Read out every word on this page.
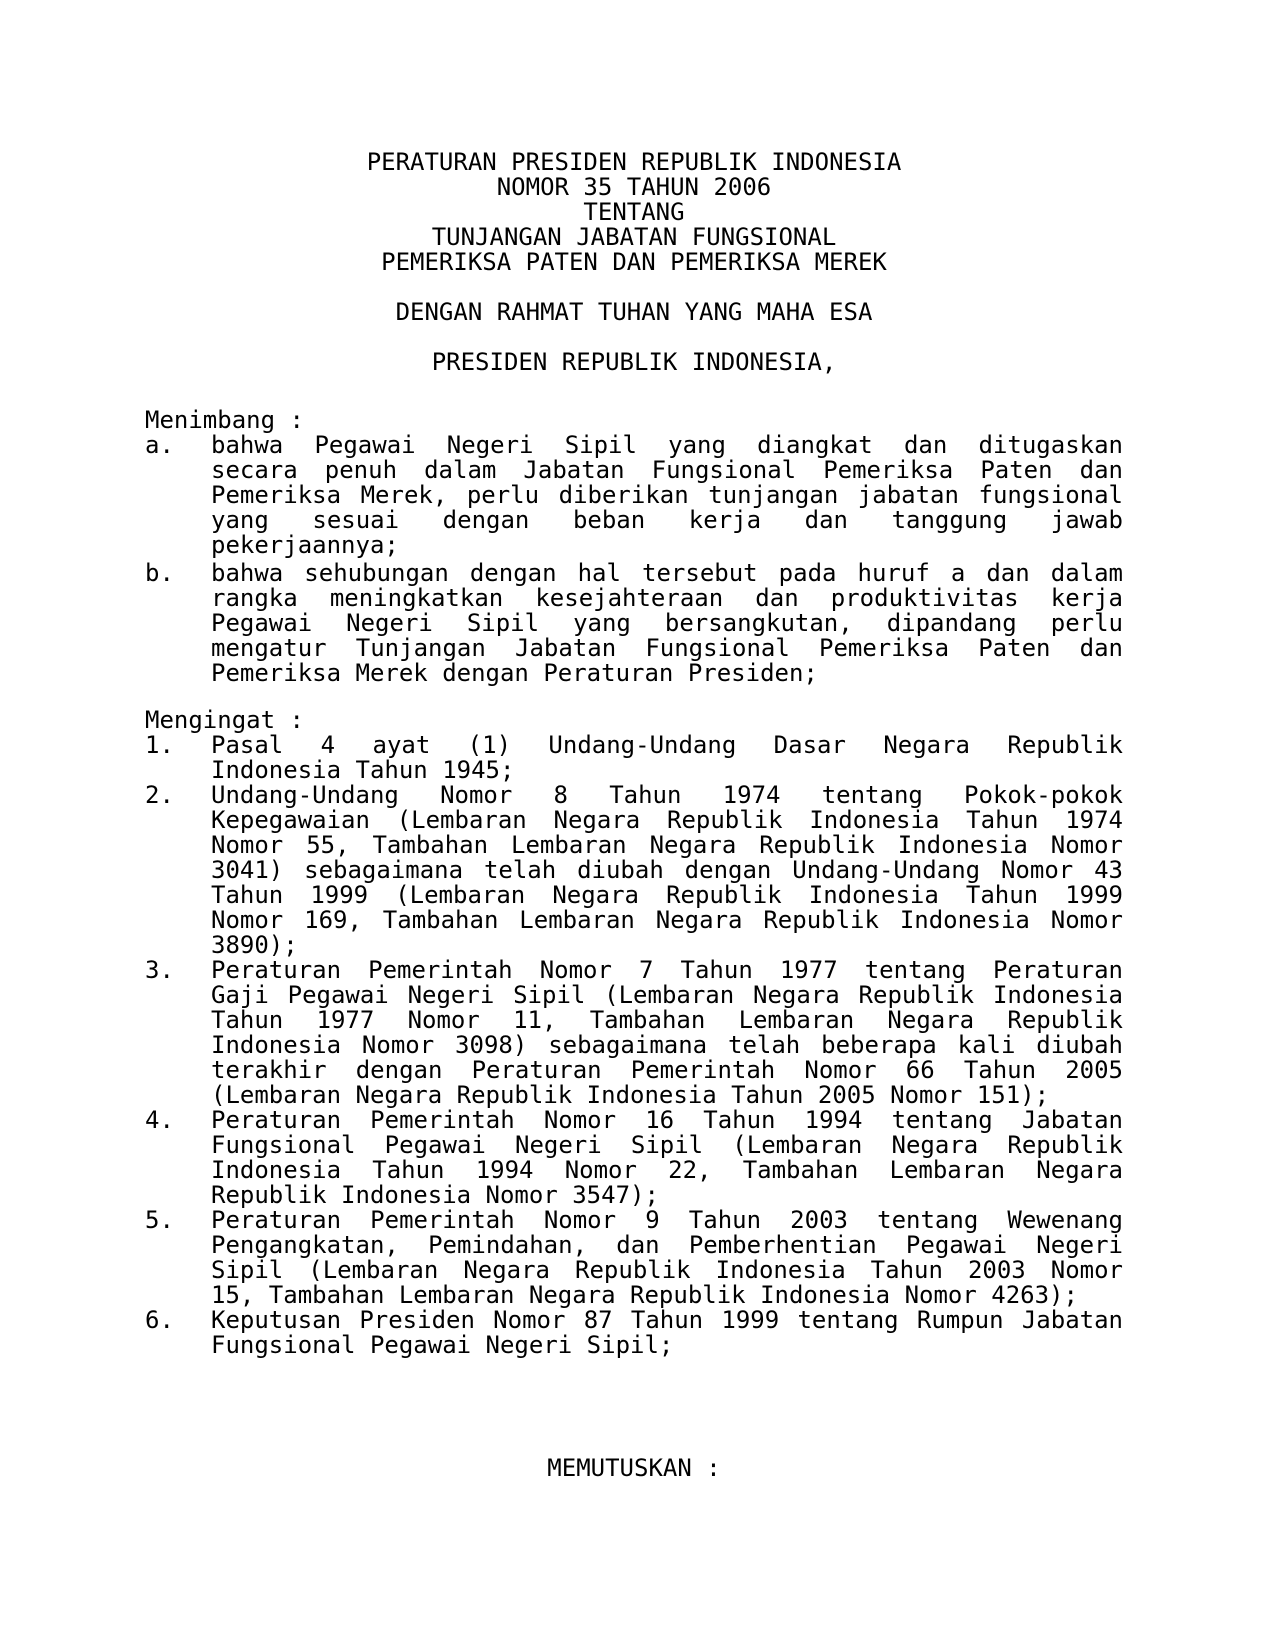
PERATURAN PRESIDEN REPUBLIK INDONESIA
NOMOR 35 TAHUN 2006
TENTANG
TUNJANGAN JABATAN FUNGSIONAL
PEMERIKSA PATEN DAN PEMERIKSA MEREK
DENGAN RAHMAT TUHAN YANG MAHA ESA
PRESIDEN REPUBLIK INDONESIA,
Menimbang :
a.	bahwa Pegawai Negeri Sipil yang diangkat dan ditugaskan
secara penuh dalam Jabatan Fungsional Pemeriksa Paten dan
Pemeriksa Merek, perlu diberikan tunjangan jabatan fungsional
yang sesuai dengan beban kerja dan tanggung jawab
pekerjaannya;
b.	bahwa sehubungan dengan hal tersebut pada huruf a dan dalam
rangka meningkatkan kesejahteraan dan produktivitas kerja
Pegawai Negeri Sipil yang bersangkutan, dipandang perlu
mengatur Tunjangan Jabatan Fungsional Pemeriksa Paten dan
Pemeriksa Merek dengan Peraturan Presiden;
Mengingat :
1.	Pasal 4 ayat (1) Undang-Undang Dasar Negara Republik
Indonesia Tahun 1945;
2.	Undang-Undang Nomor 8 Tahun 1974 tentang Pokok-pokok
Kepegawaian (Lembaran Negara Republik Indonesia Tahun 1974
Nomor 55, Tambahan Lembaran Negara Republik Indonesia Nomor
3041) sebagaimana telah diubah dengan Undang-Undang Nomor 43
Tahun 1999 (Lembaran Negara Republik Indonesia Tahun 1999
Nomor 169, Tambahan Lembaran Negara Republik Indonesia Nomor
3890);
3.	Peraturan Pemerintah Nomor 7 Tahun 1977 tentang Peraturan
Gaji Pegawai Negeri Sipil (Lembaran Negara Republik Indonesia
Tahun 1977 Nomor 11, Tambahan Lembaran Negara Republik
Indonesia Nomor 3098) sebagaimana telah beberapa kali diubah
terakhir dengan Peraturan Pemerintah Nomor 66 Tahun 2005
(Lembaran Negara Republik Indonesia Tahun 2005 Nomor 151);
4.	Peraturan Pemerintah Nomor 16 Tahun 1994 tentang Jabatan
Fungsional Pegawai Negeri Sipil (Lembaran Negara Republik
Indonesia Tahun 1994 Nomor 22, Tambahan Lembaran Negara
Republik Indonesia Nomor 3547);
5.	Peraturan Pemerintah Nomor 9 Tahun 2003 tentang Wewenang
Pengangkatan, Pemindahan, dan Pemberhentian Pegawai Negeri
Sipil (Lembaran Negara Republik Indonesia Tahun 2003 Nomor
15, Tambahan Lembaran Negara Republik Indonesia Nomor 4263);
6.	Keputusan Presiden Nomor 87 Tahun 1999 tentang Rumpun Jabatan
Fungsional Pegawai Negeri Sipil;
MEMUTUSKAN :
